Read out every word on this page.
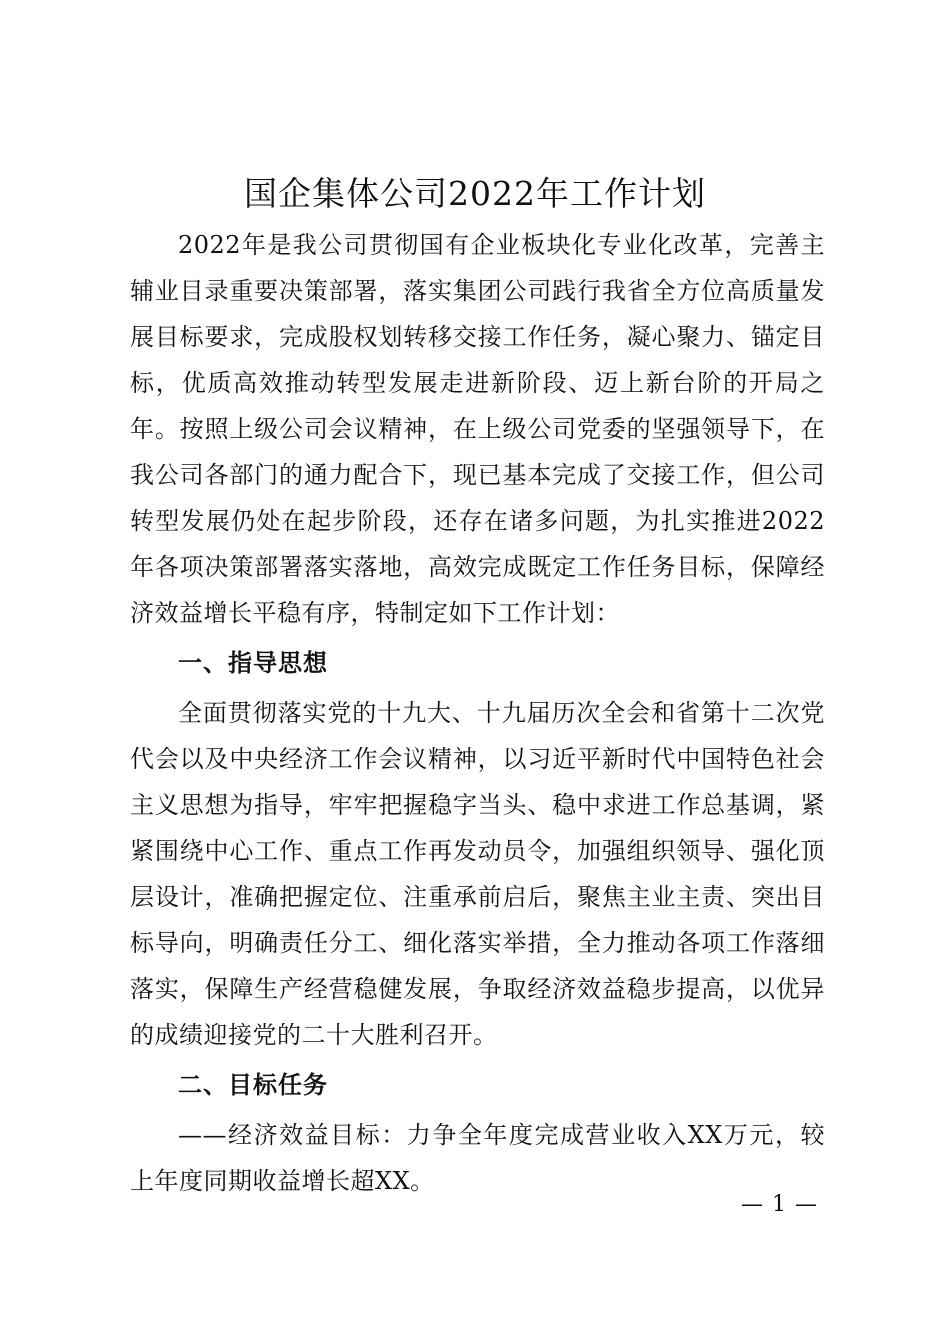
国企集体公司2022年工作计划

2022年是我公司贯彻国有企业板块化专业化改革，完善主辅业目录重要决策部署，落实集团公司践行我省全方位高质量发展目标要求，完成股权划转移交接工作任务，凝心聚力、锚定目标，优质高效推动转型发展走进新阶段、迈上新台阶的开局之年。按照上级公司会议精神，在上级公司党委的坚强领导下，在我公司各部门的通力配合下，现已基本完成了交接工作，但公司转型发展仍处在起步阶段，还存在诸多问题，为扎实推进2022年各项决策部署落实落地，高效完成既定工作任务目标，保障经济效益增长平稳有序，特制定如下工作计划：

一、指导思想

全面贯彻落实党的十九大、十九届历次全会和省第十二次党代会以及中央经济工作会议精神，以习近平新时代中国特色社会主义思想为指导，牢牢把握稳字当头、稳中求进工作总基调，紧紧围绕中心工作、重点工作再发动员令，加强组织领导、强化顶层设计，准确把握定位、注重承前启后，聚焦主业主责、突出目标导向，明确责任分工、细化落实举措，全力推动各项工作落细落实，保障生产经营稳健发展，争取经济效益稳步提高，以优异的成绩迎接党的二十大胜利召开。

二、目标任务

——经济效益目标：力争全年度完成营业收入XX万元，较上年度同期收益增长超XX。

— 1 —
